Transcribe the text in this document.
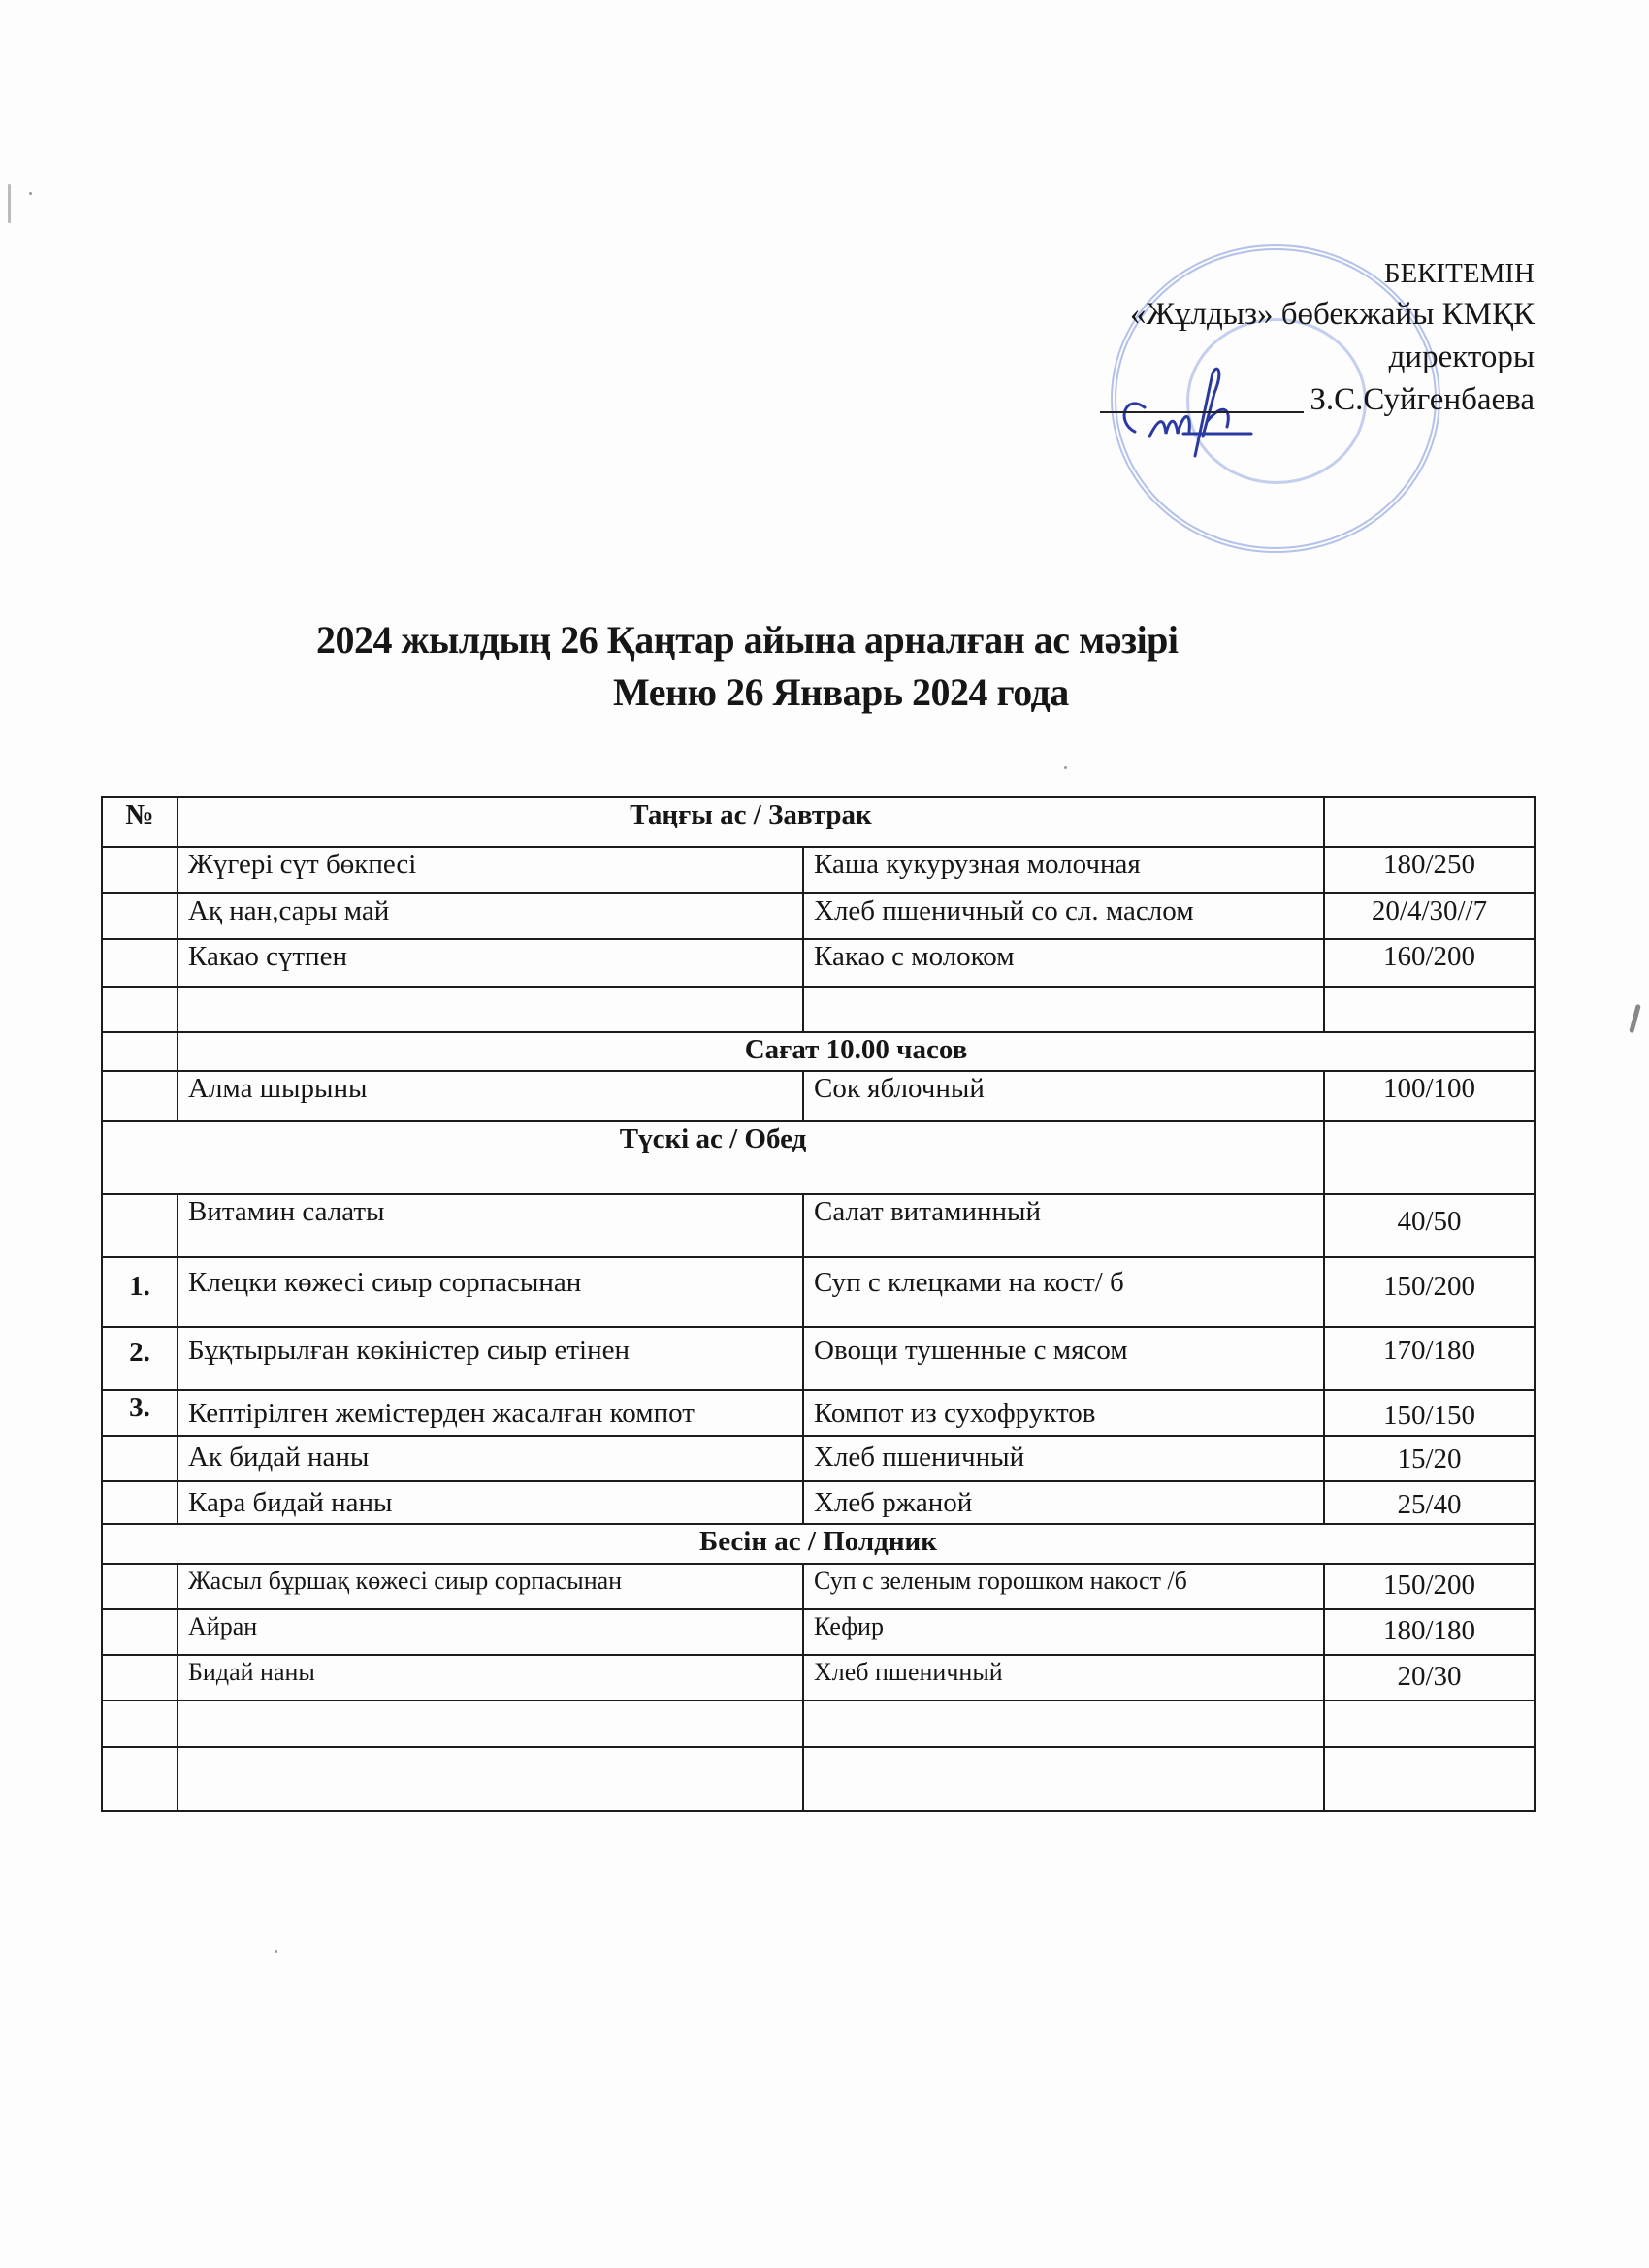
БЕКІТЕМІН
«Жұлдыз» бөбекжайы КМҚК
директоры
З.С.Суйгенбаева
2024 жылдың 26 Қаңтар айына арналған ас мәзірі
Меню 26 Январь 2024 года
№	Таңғы ас / Завтрак		
	Жүгері сүт бөкпесі	Каша кукурузная молочная	180/250
	Ақ нан,сары май	Хлеб пшеничный со сл. маслом	20/4/30//7
	Какао сүтпен	Какао с молоком	160/200

	Сағат 10.00 часов		
	Алма шырыны	Сок яблочный	100/100
Түскі ас / Обед			
	Витамин салаты	Салат витаминный	40/50
1.	Клецки көжесі сиыр сорпасынан	Суп с клецками на кост/ б	150/200
2.	Бұқтырылған көкіністер сиыр етінен	Овощи тушенные с мясом	170/180
3.	Кептірілген жемістерден жасалған компот	Компот из сухофруктов	150/150
	Ак бидай наны	Хлеб пшеничный	15/20
	Кара бидай наны	Хлеб ржаной	25/40
Бесін ас / Полдник			
	Жасыл бұршақ көжесі сиыр сорпасынан	Суп с зеленым горошком накост /б	150/200
	Айран	Кефир	180/180
	Бидай наны	Хлеб пшеничный	20/30
